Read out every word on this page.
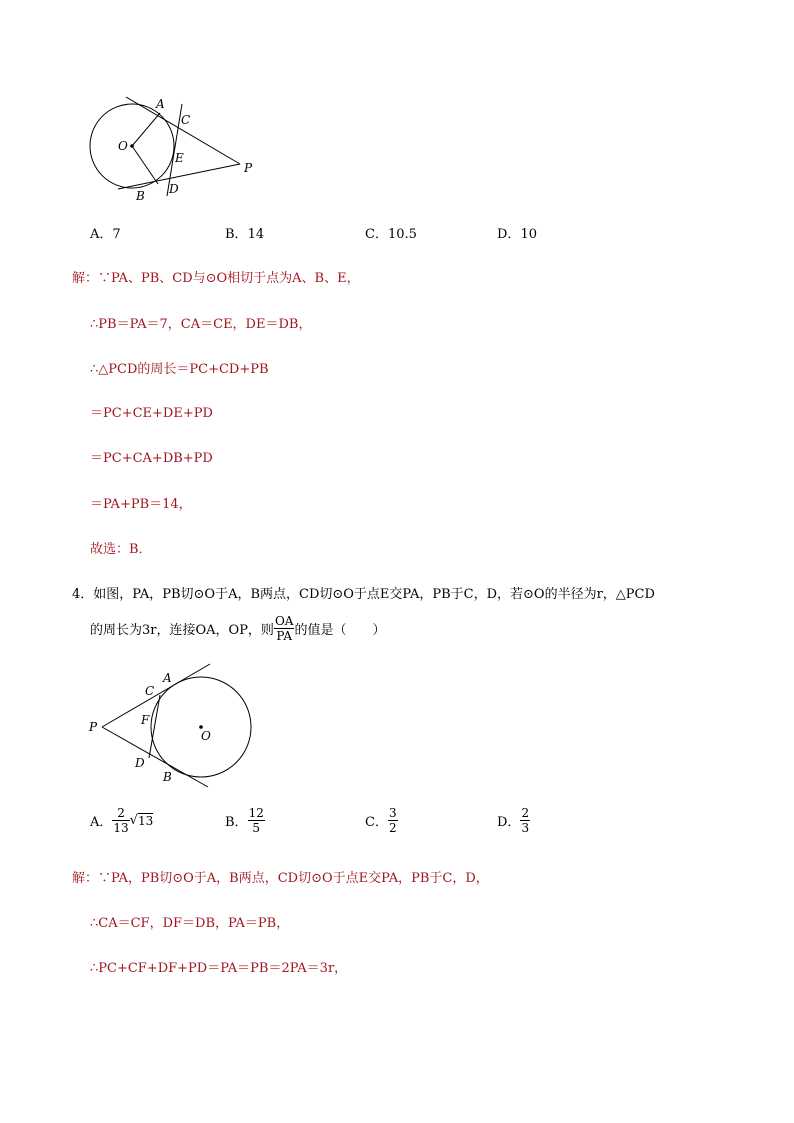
A
C
O
E
P
D
B
A．7	B．14	C．10.5	D．10
解：∵PA、PB、CD与⊙O相切于点为A、B、E，
∴PB＝PA＝7，CA＝CE，DE＝DB，
∴△PCD的周长＝PC+CD+PB
＝PC+CE+DE+PD
＝PC+CA+DB+PD
＝PA+PB＝14，
故选：B．
4．如图，PA，PB切⊙O于A，B两点，CD切⊙O于点E交PA，PB于C，D，若⊙O的半径为r，△PCD
的周长为3r，连接OA，OP，则 $\frac{OA}{PA}$ 的值是（　　）
A
C
F
P
O
D
B
A． $\frac{2}{13} √13$	B． $\frac{12}{5}$	C． $\frac{3}{2}$	D． $\frac{2}{3}$
解：∵PA，PB切⊙O于A，B两点，CD切⊙O于点E交PA，PB于C，D，
∴CA＝CF，DF＝DB，PA＝PB，
∴PC+CF+DF+PD＝PA＝PB＝2PA＝3r，
